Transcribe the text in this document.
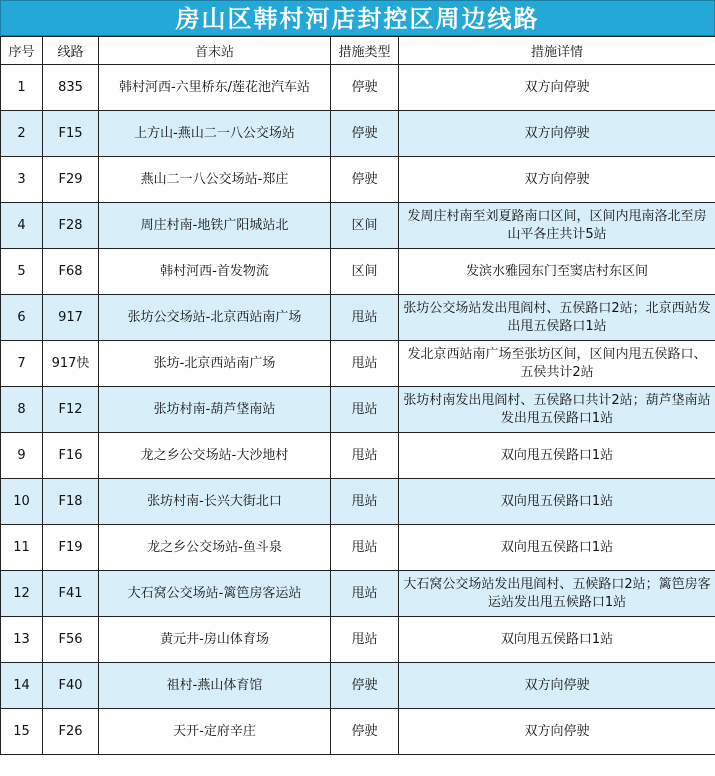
房山区韩村河店封控区周边线路
序号	线路	首末站	措施类型	措施详情
1	835	韩村河西-六里桥东/莲花池汽车站	停驶	双方向停驶
2	F15	上方山-燕山二一八公交场站	停驶	双方向停驶
3	F29	燕山二一八公交场站-郑庄	停驶	双方向停驶
4	F28	周庄村南-地铁广阳城站北	区间	发周庄村南至刘夏路南口区间，区间内甩南洛北至房山平各庄共计5站
5	F68	韩村河西-首发物流	区间	发滨水雅园东门至窦店村东区间
6	917	张坊公交场站-北京西站南广场	甩站	张坊公交场站发出甩阎村、五侯路口2站；北京西站发出甩五侯路口1站
7	917快	张坊-北京西站南广场	甩站	发北京西站南广场至张坊区间，区间内甩五侯路口、五侯共计2站
8	F12	张坊村南-葫芦垡南站	甩站	张坊村南发出甩阎村、五侯路口共计2站；葫芦垡南站发出甩五侯路口1站
9	F16	龙之乡公交场站-大沙地村	甩站	双向甩五侯路口1站
10	F18	张坊村南-长兴大街北口	甩站	双向甩五侯路口1站
11	F19	龙之乡公交场站-鱼斗泉	甩站	双向甩五侯路口1站
12	F41	大石窝公交场站-篱笆房客运站	甩站	大石窝公交场站发出甩阎村、五候路口2站；篱笆房客运站发出甩五候路口1站
13	F56	黄元井-房山体育场	甩站	双向甩五侯路口1站
14	F40	祖村-燕山体育馆	停驶	双方向停驶
15	F26	天开-定府辛庄	停驶	双方向停驶
